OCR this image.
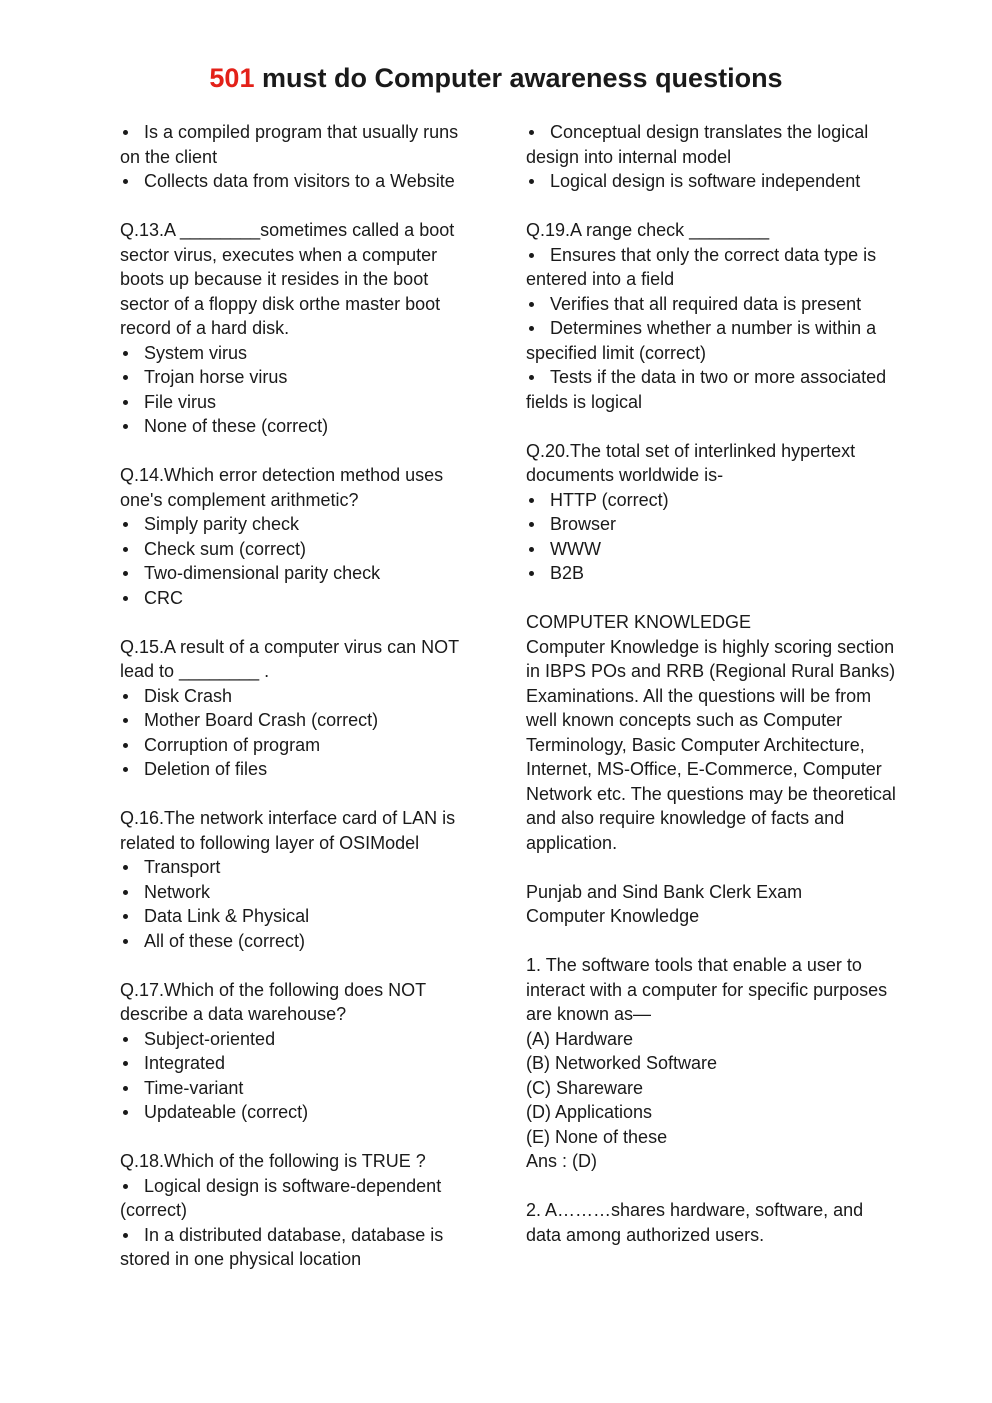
501 must do Computer awareness questions
Is a compiled program that usually runs on the client
Collects data from visitors to a Website
Q.13.A ________sometimes called a boot sector virus, executes when a computer boots up because it resides in the boot sector of a floppy disk orthe master boot record of a hard disk.
System virus
Trojan horse virus
File virus
None of these (correct)
Q.14.Which error detection method uses one's complement arithmetic?
Simply parity check
Check sum (correct)
Two-dimensional parity check
CRC
Q.15.A result of a computer virus can NOT lead to ________ .
Disk Crash
Mother Board Crash (correct)
Corruption of program
Deletion of files
Q.16.The network interface card of LAN is related to following layer of OSIModel
Transport
Network
Data Link & Physical
All of these (correct)
Q.17.Which of the following does NOT describe a data warehouse?
Subject-oriented
Integrated
Time-variant
Updateable (correct)
Q.18.Which of the following is TRUE ?
Logical design is software-dependent (correct)
In a distributed database, database is stored in one physical location
Conceptual design translates the logical design into internal model
Logical design is software independent
Q.19.A range check ________
Ensures that only the correct data type is entered into a field
Verifies that all required data is present
Determines whether a number is within a specified limit (correct)
Tests if the data in two or more associated fields is logical
Q.20.The total set of interlinked hypertext documents worldwide is-
HTTP (correct)
Browser
WWW
B2B
COMPUTER KNOWLEDGE
Computer Knowledge is highly scoring section in IBPS POs and RRB (Regional Rural Banks) Examinations. All the questions will be from well known concepts such as Computer Terminology, Basic Computer Architecture, Internet, MS-Office, E-Commerce, Computer Network etc. The questions may be theoretical and also require knowledge of facts and application.
Punjab and Sind Bank Clerk Exam
Computer Knowledge
1. The software tools that enable a user to interact with a computer for specific purposes are known as—
(A) Hardware
(B) Networked Software
(C) Shareware
(D) Applications
(E) None of these
Ans : (D)
2. A………shares hardware, software, and data among authorized users.
